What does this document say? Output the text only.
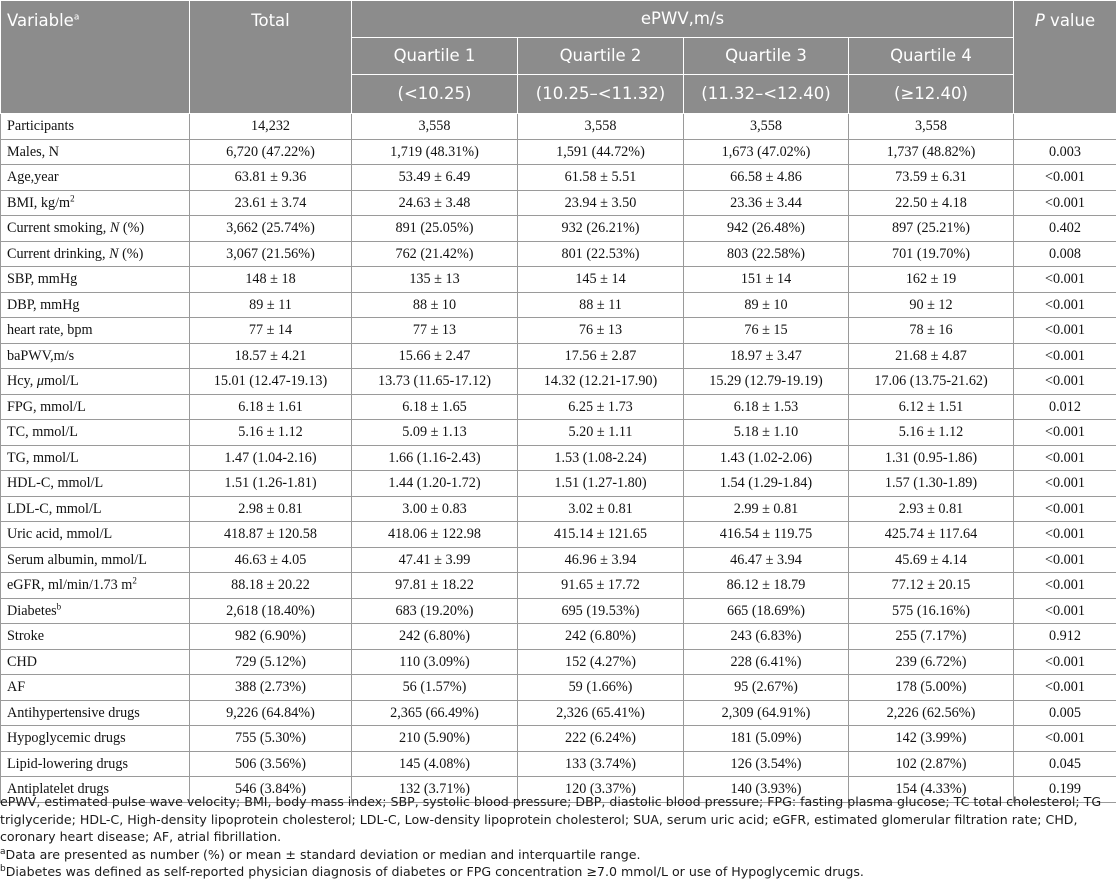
Variable$^a$	Total	ePWV,m/s				P value
		Quartile 1	Quartile 2	Quartile 3	Quartile 4	
		(<10.25)	(10.25–<11.32)	(11.32–<12.40)	(≥12.40)	
Participants	14,232	3,558	3,558	3,558	3,558	
Males, N	6,720 (47.22%)	1,719 (48.31%)	1,591 (44.72%)	1,673 (47.02%)	1,737 (48.82%)	0.003
Age,year	63.81 ± 9.36	53.49 ± 6.49	61.58 ± 5.51	66.58 ± 4.86	73.59 ± 6.31	<0.001
BMI, $kg/m^2$	23.61 ± 3.74	24.63 ± 3.48	23.94 ± 3.50	23.36 ± 3.44	22.50 ± 4.18	<0.001
Current smoking, N (%)	3,662 (25.74%)	891 (25.05%)	932 (26.21%)	942 (26.48%)	897 (25.21%)	0.402
Current drinking, N (%)	3,067 (21.56%)	762 (21.42%)	801 (22.53%)	803 (22.58%)	701 (19.70%)	0.008
SBP, mmHg	148 ± 18	135 ± 13	145 ± 14	151 ± 14	162 ± 19	<0.001
DBP, mmHg	89 ± 11	88 ± 10	88 ± 11	89 ± 10	90 ± 12	<0.001
heart rate, bpm	77 ± 14	77 ± 13	76 ± 13	76 ± 15	78 ± 16	<0.001
baPWV,m/s	18.57 ± 4.21	15.66 ± 2.47	17.56 ± 2.87	18.97 ± 3.47	21.68 ± 4.87	<0.001
Hcy, μmol/L	15.01 (12.47-19.13)	13.73 (11.65-17.12)	14.32 (12.21-17.90)	15.29 (12.79-19.19)	17.06 (13.75-21.62)	<0.001
FPG, mmol/L	6.18 ± 1.61	6.18 ± 1.65	6.25 ± 1.73	6.18 ± 1.53	6.12 ± 1.51	0.012
TC, mmol/L	5.16 ± 1.12	5.09 ± 1.13	5.20 ± 1.11	5.18 ± 1.10	5.16 ± 1.12	<0.001
TG, mmol/L	1.47 (1.04-2.16)	1.66 (1.16-2.43)	1.53 (1.08-2.24)	1.43 (1.02-2.06)	1.31 (0.95-1.86)	<0.001
HDL-C, mmol/L	1.51 (1.26-1.81)	1.44 (1.20-1.72)	1.51 (1.27-1.80)	1.54 (1.29-1.84)	1.57 (1.30-1.89)	<0.001
LDL-C, mmol/L	2.98 ± 0.81	3.00 ± 0.83	3.02 ± 0.81	2.99 ± 0.81	2.93 ± 0.81	<0.001
Uric acid, mmol/L	418.87 ± 120.58	418.06 ± 122.98	415.14 ± 121.65	416.54 ± 119.75	425.74 ± 117.64	<0.001
Serum albumin, mmol/L	46.63 ± 4.05	47.41 ± 3.99	46.96 ± 3.94	46.47 ± 3.94	45.69 ± 4.14	<0.001
eGFR, ml/min/1.73 $m^2$	88.18 ± 20.22	97.81 ± 18.22	91.65 ± 17.72	86.12 ± 18.79	77.12 ± 20.15	<0.001
Diabetes$^b$	2,618 (18.40%)	683 (19.20%)	695 (19.53%)	665 (18.69%)	575 (16.16%)	<0.001
Stroke	982 (6.90%)	242 (6.80%)	242 (6.80%)	243 (6.83%)	255 (7.17%)	0.912
CHD	729 (5.12%)	110 (3.09%)	152 (4.27%)	228 (6.41%)	239 (6.72%)	<0.001
AF	388 (2.73%)	56 (1.57%)	59 (1.66%)	95 (2.67%)	178 (5.00%)	<0.001
Antihypertensive drugs	9,226 (64.84%)	2,365 (66.49%)	2,326 (65.41%)	2,309 (64.91%)	2,226 (62.56%)	0.005
Hypoglycemic drugs	755 (5.30%)	210 (5.90%)	222 (6.24%)	181 (5.09%)	142 (3.99%)	<0.001
Lipid-lowering drugs	506 (3.56%)	145 (4.08%)	133 (3.74%)	126 (3.54%)	102 (2.87%)	0.045
Antiplatelet drugs	546 (3.84%)	132 (3.71%)	120 (3.37%)	140 (3.93%)	154 (4.33%)	0.199

ePWV, estimated pulse wave velocity; BMI, body mass index; SBP, systolic blood pressure; DBP, diastolic blood pressure; FPG: fasting plasma glucose; TC total cholesterol; TG triglyceride; HDL-C, High-density lipoprotein cholesterol; LDL-C, Low-density lipoprotein cholesterol; SUA, serum uric acid; eGFR, estimated glomerular filtration rate; CHD, coronary heart disease; AF, atrial fibrillation.

$^a$Data are presented as number (%) or mean ± standard deviation or median and interquartile range.

$^b$Diabetes was defined as self-reported physician diagnosis of diabetes or FPG concentration ≥7.0 mmol/L or use of Hypoglycemic drugs.
